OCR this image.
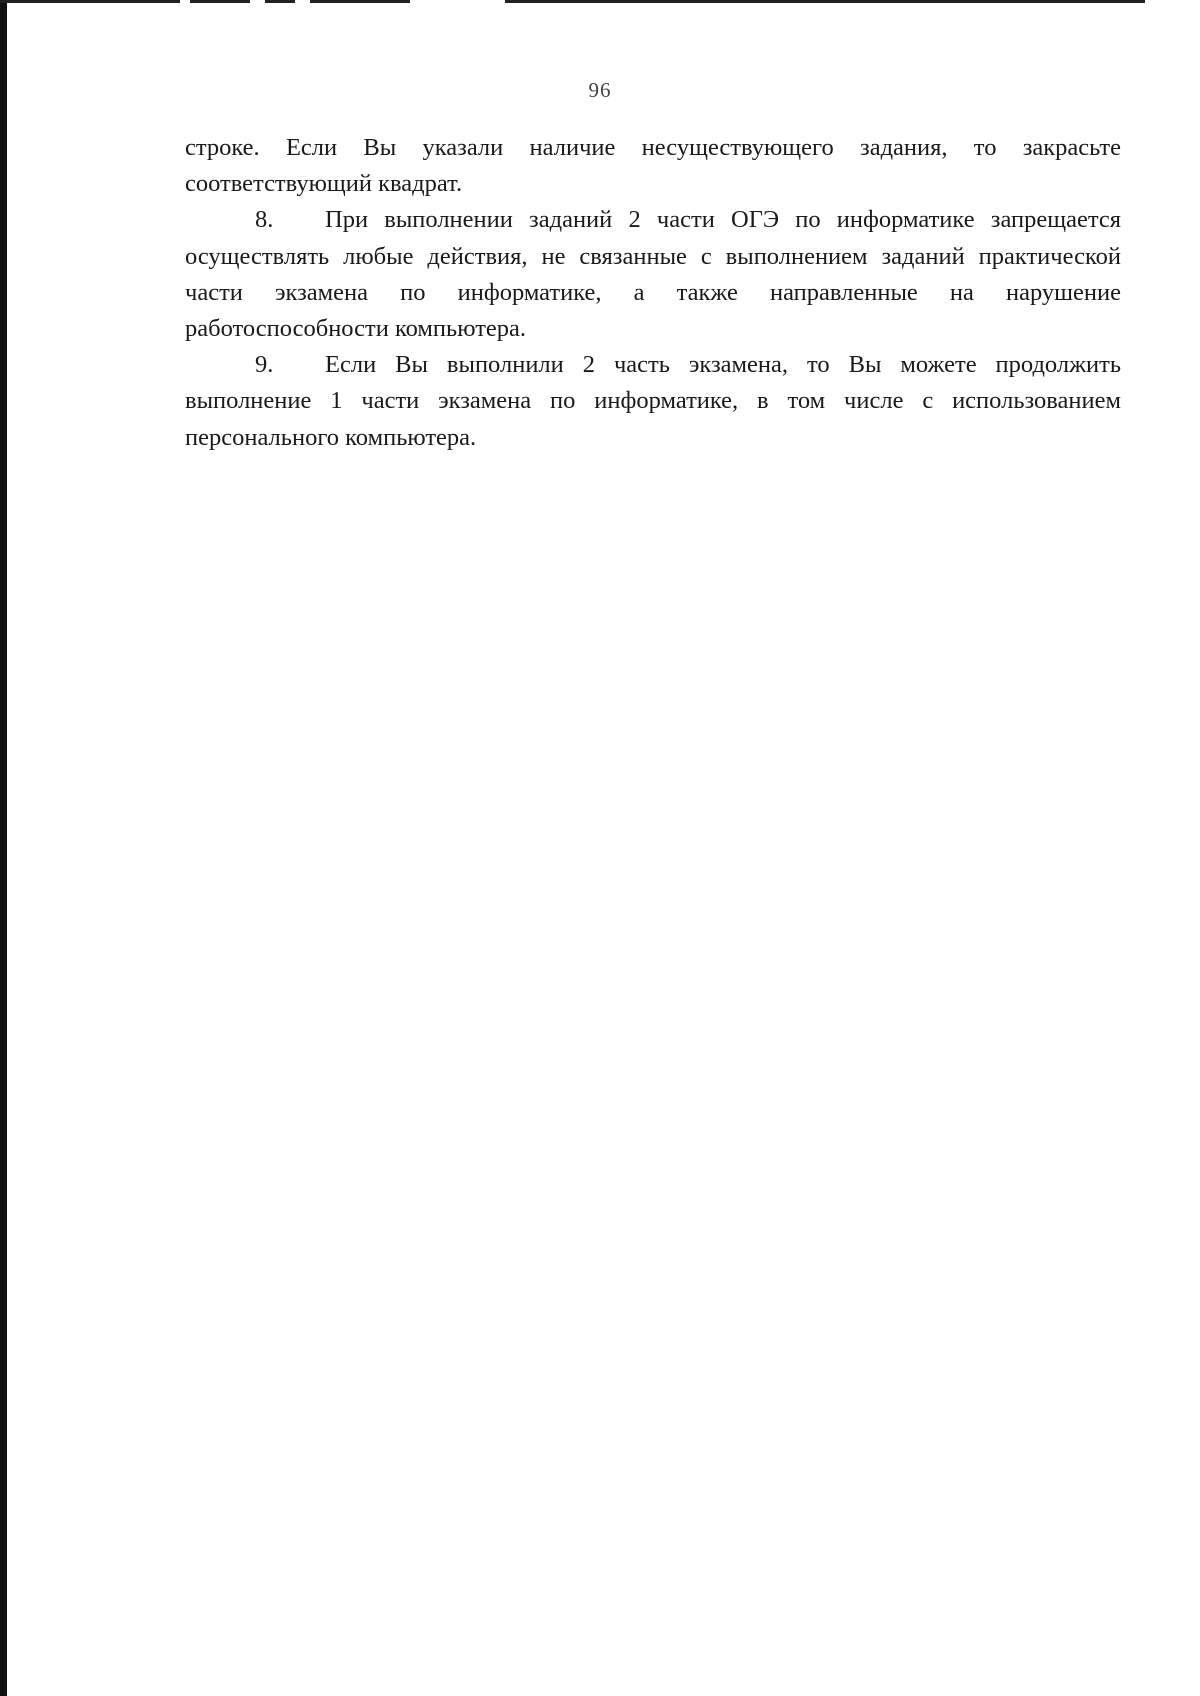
96

строке. Если Вы указали наличие несуществующего задания, то закрасьте соответствующий квадрат.

8. При выполнении заданий 2 части ОГЭ по информатике запрещается осуществлять любые действия, не связанные с выполнением заданий практической части экзамена по информатике, а также направленные на нарушение работоспособности компьютера.

9. Если Вы выполнили 2 часть экзамена, то Вы можете продолжить выполнение 1 части экзамена по информатике, в том числе с использованием персонального компьютера.
